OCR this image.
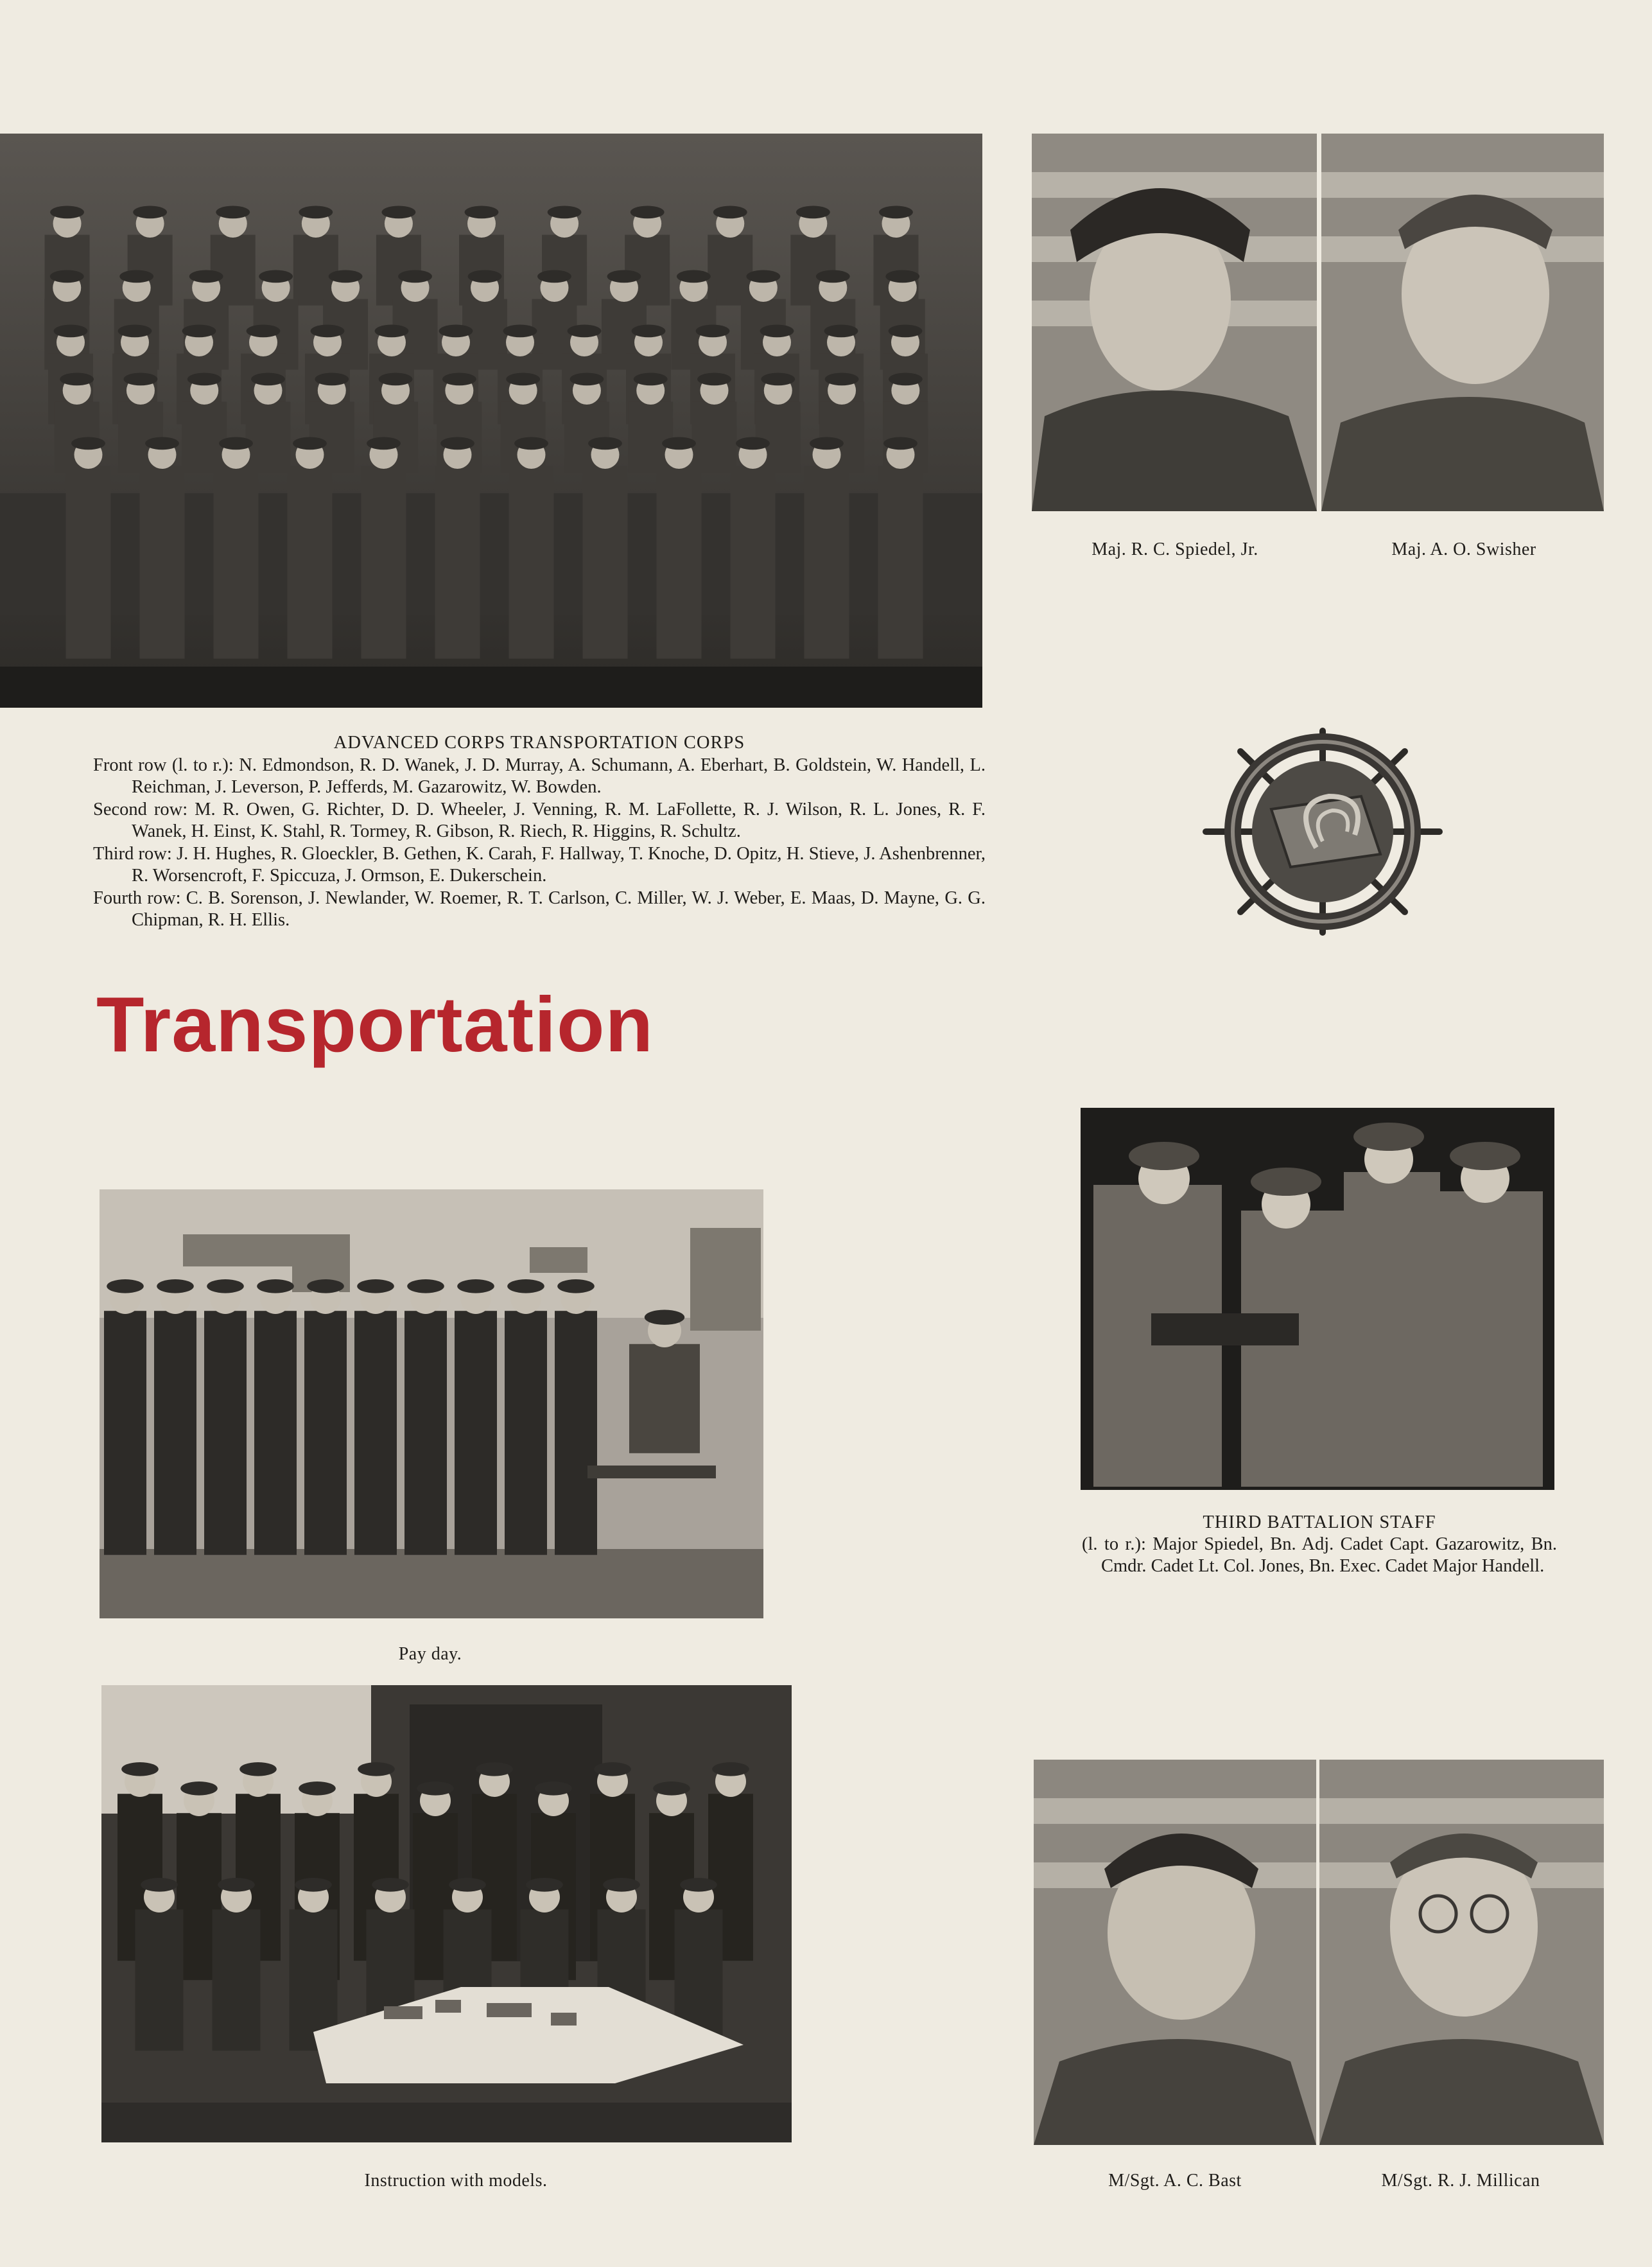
Maj. R. C. Spiedel, Jr.	Maj. A. O. Swisher
ADVANCED CORPS TRANSPORTATION CORPS
Front row (l. to r.): N. Edmondson, R. D. Wanek, J. D. Murray, A. Schumann, A. Eberhart, B. Goldstein, W. Handell, L. Reichman, J. Leverson, P. Jefferds, M. Gazarowitz, W. Bowden.
Second row: M. R. Owen, G. Richter, D. D. Wheeler, J. Venning, R. M. LaFollette, R. J. Wilson, R. L. Jones, R. F. Wanek, H. Einst, K. Stahl, R. Tormey, R. Gibson, R. Riech, R. Higgins, R. Schultz.
Third row: J. H. Hughes, R. Gloeckler, B. Gethen, K. Carah, F. Hallway, T. Knoche, D. Opitz, H. Stieve, J. Ashenbrenner, R. Worsencroft, F. Spiccuza, J. Ormson, E. Dukerschein.
Fourth row: C. B. Sorenson, J. Newlander, W. Roemer, R. T. Carlson, C. Miller, W. J. Weber, E. Maas, D. Mayne, G. G. Chipman, R. H. Ellis.
Transportation
THIRD BATTALION STAFF
(l. to r.): Major Spiedel, Bn. Adj. Cadet Capt. Gazarowitz, Bn. Cmdr. Cadet Lt. Col. Jones, Bn. Exec. Cadet Major Handell.
Pay day.
Instruction with models.	M/Sgt. A. C. Bast	M/Sgt. R. J. Millican
